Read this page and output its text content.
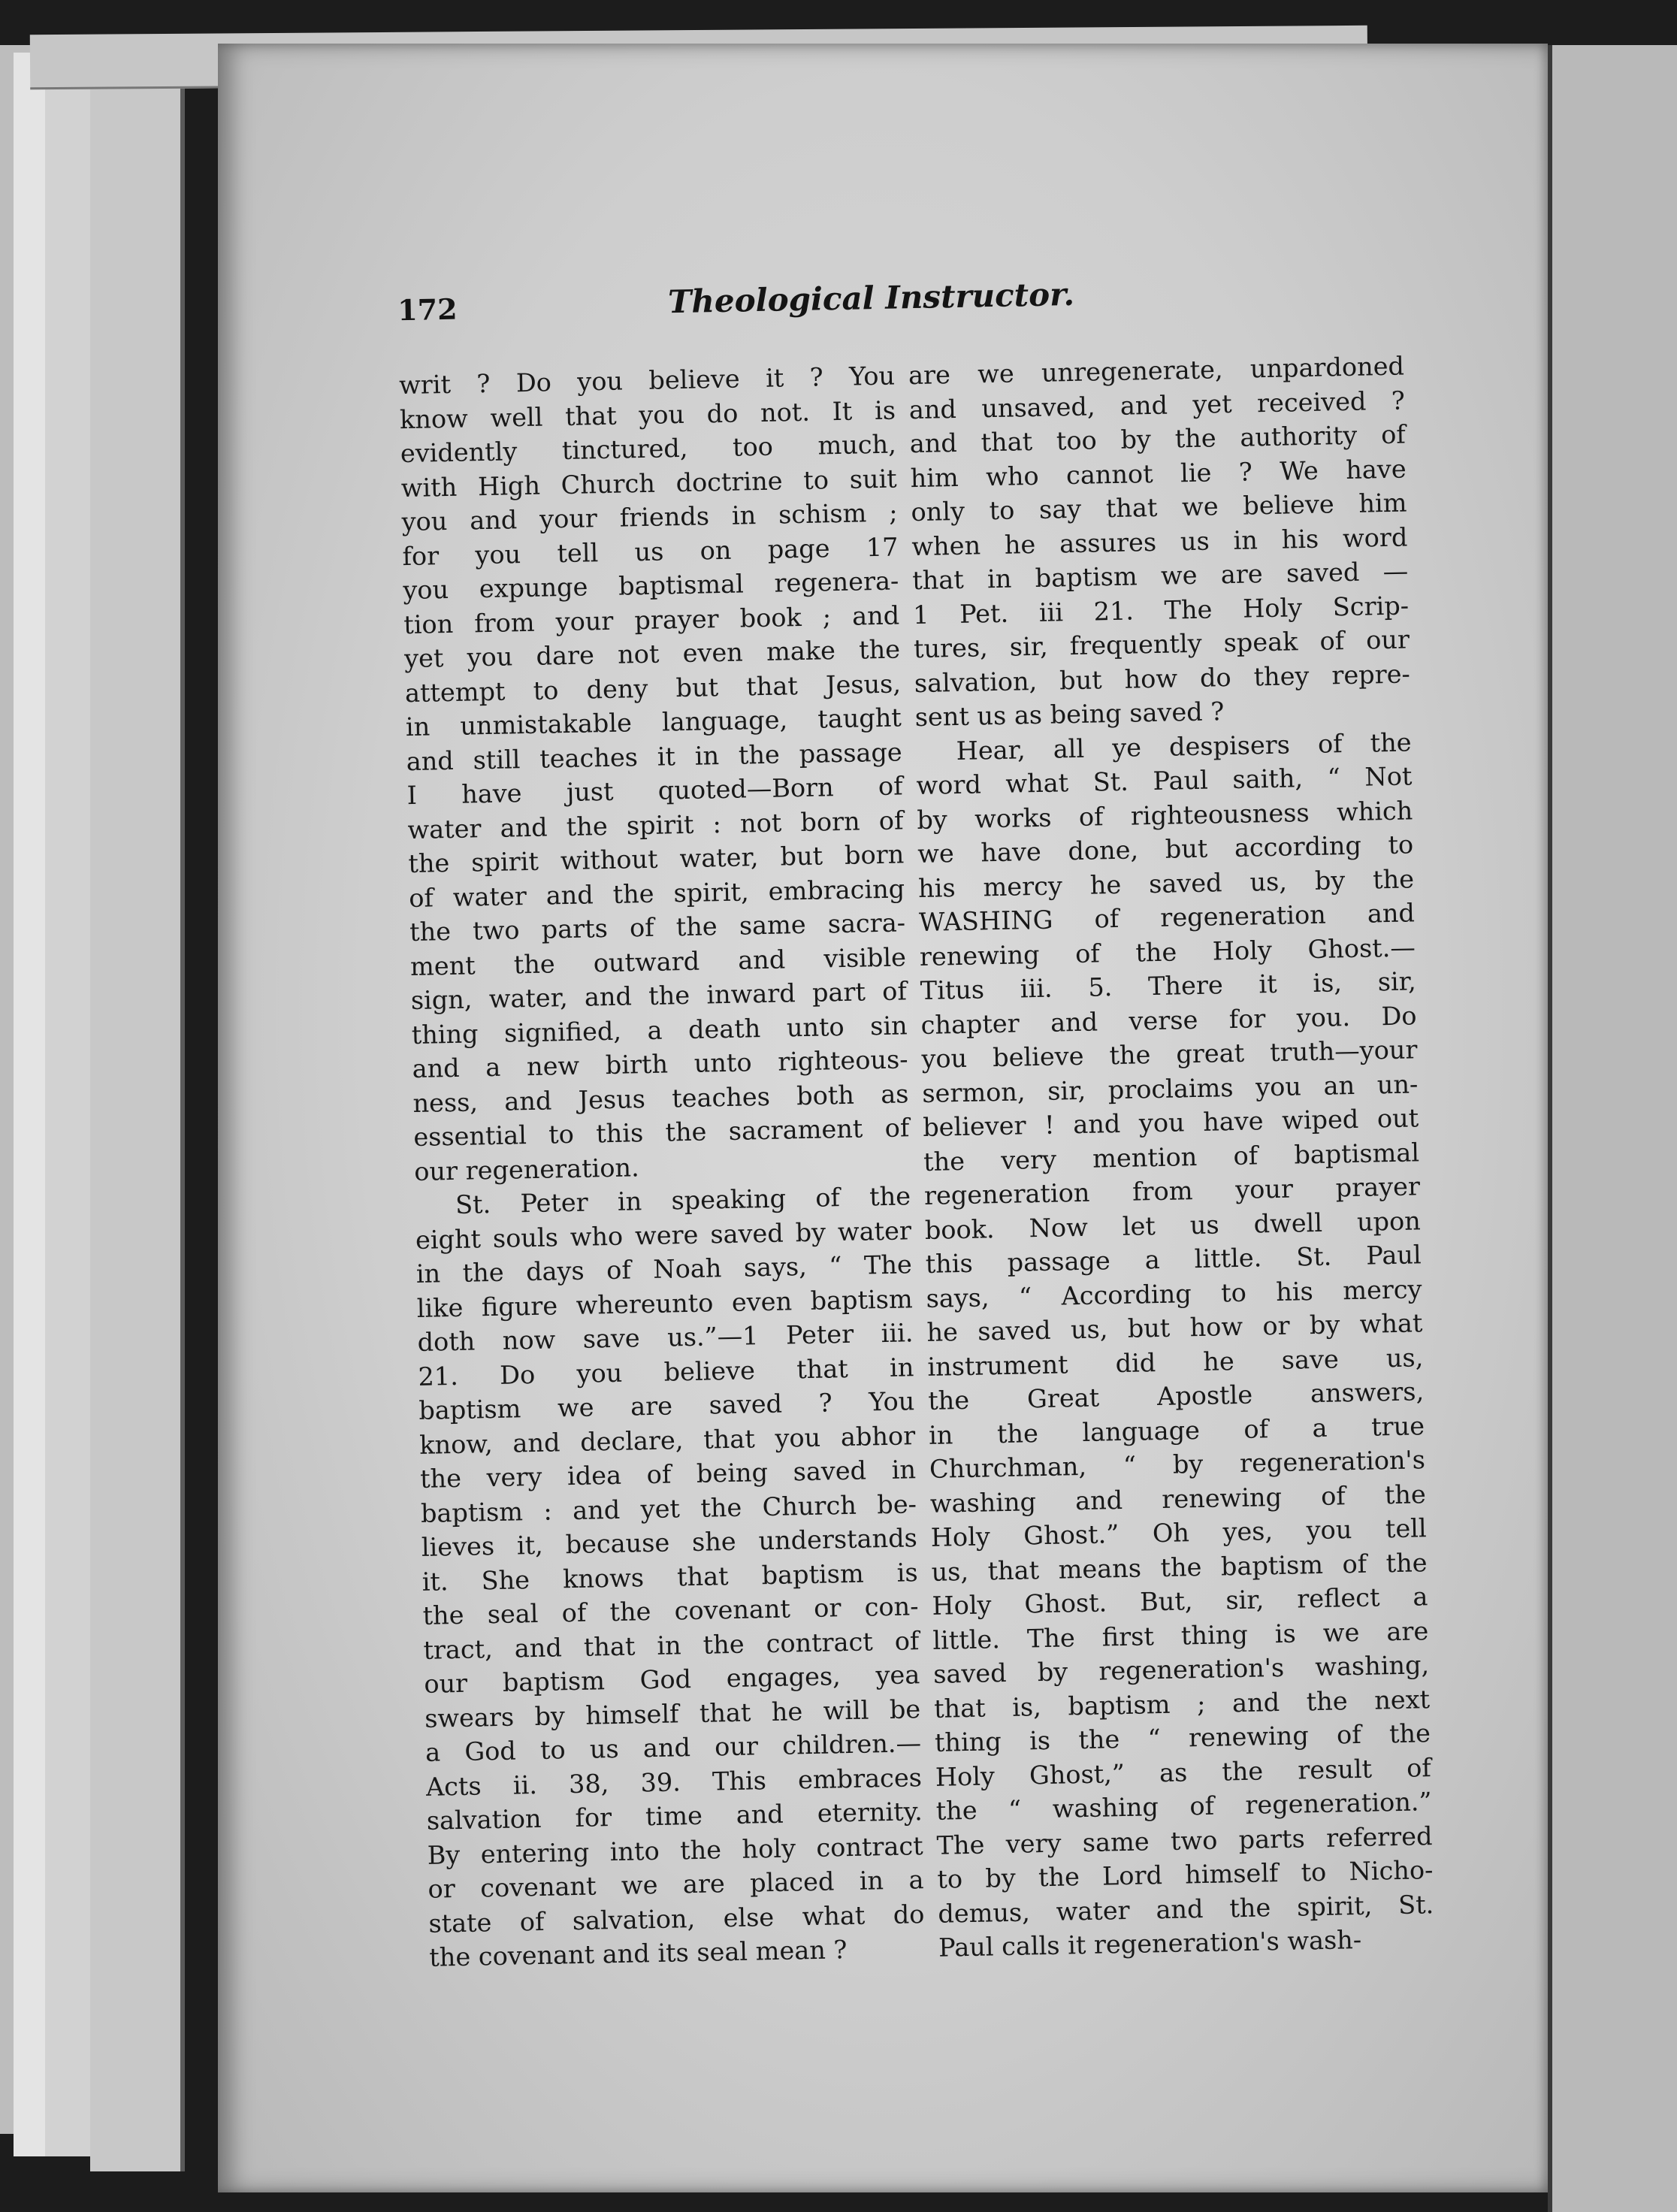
172	Theological Instructor.
writ ? Do you believe it ? You
know well that you do not. It is
evidently tinctured, too much,
with High Church doctrine to suit
you and your friends in schism ;
for you tell us on page 17
you expunge baptismal regenera-
tion from your prayer book ; and
yet you dare not even make the
attempt to deny but that Jesus,
in unmistakable language, taught
and still teaches it in the passage
I have just quoted—Born of
water and the spirit : not born of
the spirit without water, but born
of water and the spirit, embracing
the two parts of the same sacra-
ment the outward and visible
sign, water, and the inward part of
thing signified, a death unto sin
and a new birth unto righteous-
ness, and Jesus teaches both as
essential to this the sacrament of
our regeneration.
St. Peter in speaking of the
eight souls who were saved by water
in the days of Noah says, “ The
like figure whereunto even baptism
doth now save us.”—1 Peter iii.
21. Do you believe that in
baptism we are saved ? You
know, and declare, that you abhor
the very idea of being saved in
baptism : and yet the Church be-
lieves it, because she understands
it. She knows that baptism is
the seal of the covenant or con-
tract, and that in the contract of
our baptism God engages, yea
swears by himself that he will be
a God to us and our children.—
Acts ii. 38, 39. This embraces
salvation for time and eternity.
By entering into the holy contract
or covenant we are placed in a
state of salvation, else what do
the covenant and its seal mean ?
are we unregenerate, unpardoned
and unsaved, and yet received ?
and that too by the authority of
him who cannot lie ? We have
only to say that we believe him
when he assures us in his word
that in baptism we are saved —
1 Pet. iii 21. The Holy Scrip-
tures, sir, frequently speak of our
salvation, but how do they repre-
sent us as being saved ?
Hear, all ye despisers of the
word what St. Paul saith, “ Not
by works of righteousness which
we have done, but according to
his mercy he saved us, by the
WASHING of regeneration and
renewing of the Holy Ghost.—
Titus iii. 5. There it is, sir,
chapter and verse for you. Do
you believe the great truth—your
sermon, sir, proclaims you an un-
believer ! and you have wiped out
the very mention of baptismal
regeneration from your prayer
book. Now let us dwell upon
this passage a little. St. Paul
says, “ According to his mercy
he saved us, but how or by what
instrument did he save us,
the Great Apostle answers,
in the language of a true
Churchman, “ by regeneration's
washing and renewing of the
Holy Ghost.” Oh yes, you tell
us, that means the baptism of the
Holy Ghost. But, sir, reflect a
little. The first thing is we are
saved by regeneration's washing,
that is, baptism ; and the next
thing is the “ renewing of the
Holy Ghost,” as the result of
the “ washing of regeneration.”
The very same two parts referred
to by the Lord himself to Nicho-
demus, water and the spirit, St.
Paul calls it regeneration's wash-
